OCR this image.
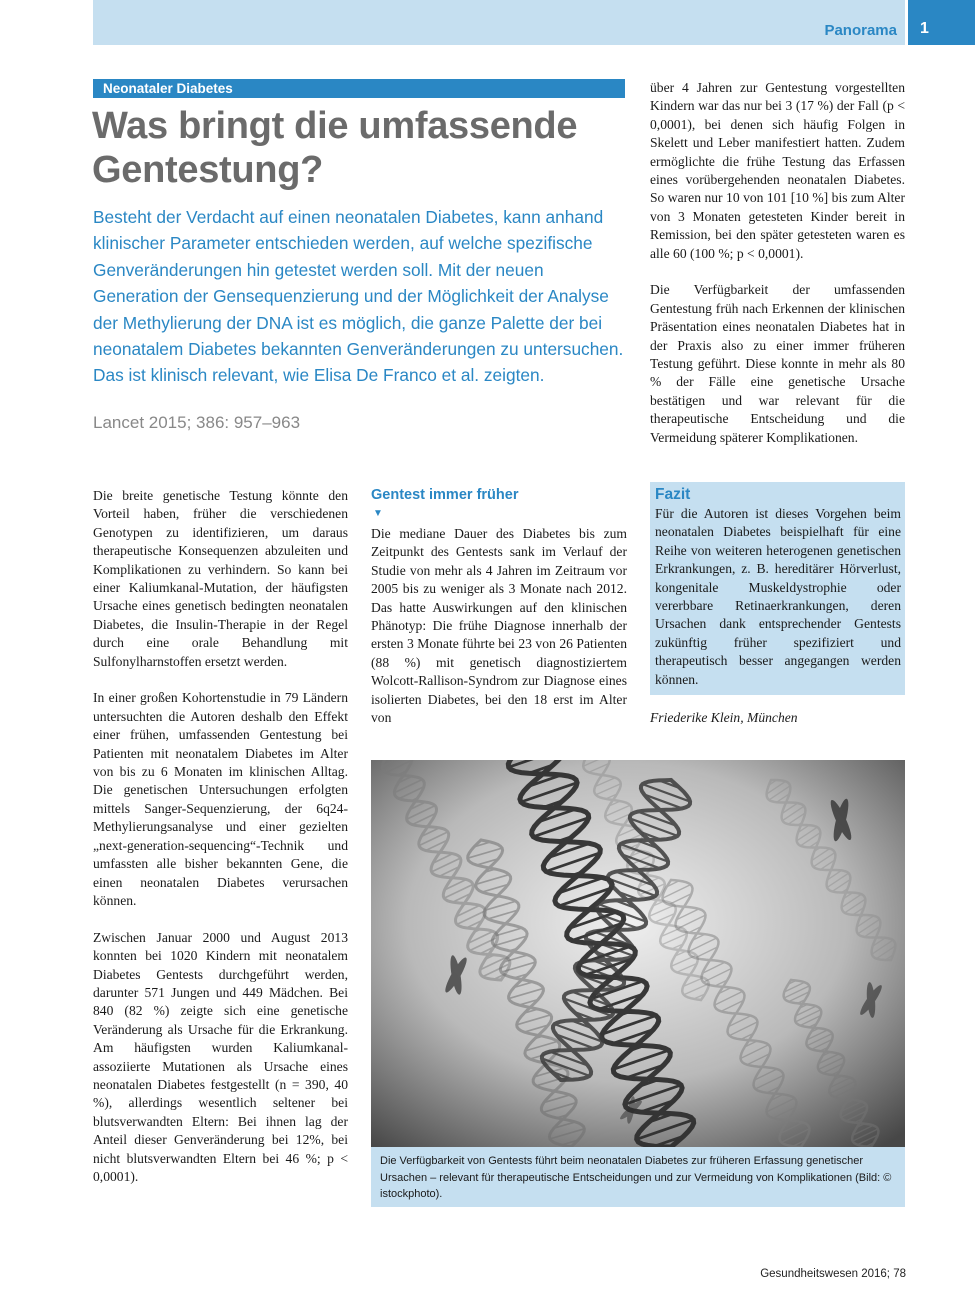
Panorama 1
Neonataler Diabetes
Was bringt die umfassende Gentestung?

Besteht der Verdacht auf einen neonatalen Diabetes, kann anhand klinischer Parameter entschieden werden, auf welche spezifische Genveränderungen hin getestet werden soll. Mit der neuen Generation der Gensequenzierung und der Möglichkeit der Analyse der Methylierung der DNA ist es möglich, die ganze Palette der bei neonatalem Diabetes bekannten Genveränderungen zu untersuchen. Das ist klinisch relevant, wie Elisa De Franco et al. zeigten.

Lancet 2015; 386: 957–963

Die breite genetische Testung könnte den Vorteil haben, früher die verschiedenen Genotypen zu identifizieren, um daraus therapeutische Konsequenzen abzuleiten und Komplikationen zu verhindern. So kann bei einer Kaliumkanal-Mutation, der häufigsten Ursache eines genetisch bedingten neonatalen Diabetes, die Insulin-Therapie in der Regel durch eine orale Behandlung mit Sulfonylharnstoffen ersetzt werden.

In einer großen Kohortenstudie in 79 Ländern untersuchten die Autoren deshalb den Effekt einer frühen, umfassenden Gentestung bei Patienten mit neonatalem Diabetes im Alter von bis zu 6 Monaten im klinischen Alltag. Die genetischen Untersuchungen erfolgten mittels Sanger-Sequenzierung, der 6q24-Methylierungsanalyse und einer gezielten „next-generation-sequencing“-Technik und umfassten alle bisher bekannten Gene, die einen neonatalen Diabetes verursachen können.

Zwischen Januar 2000 und August 2013 konnten bei 1020 Kindern mit neonatalem Diabetes Gentests durchgeführt werden, darunter 571 Jungen und 449 Mädchen. Bei 840 (82 %) zeigte sich eine genetische Veränderung als Ursache für die Erkrankung. Am häufigsten wurden Kaliumkanal-assoziierte Mutationen als Ursache eines neonatalen Diabetes festgestellt (n = 390, 40 %), allerdings wesentlich seltener bei blutsverwandten Eltern: Bei ihnen lag der Anteil dieser Genveränderung bei 12%, bei nicht blutsverwandten Eltern bei 46 %; p < 0,0001).

Gentest immer früher
▼

Die mediane Dauer des Diabetes bis zum Zeitpunkt des Gentests sank im Verlauf der Studie von mehr als 4 Jahren im Zeitraum vor 2005 bis zu weniger als 3 Monate nach 2012. Das hatte Auswirkungen auf den klinischen Phänotyp: Die frühe Diagnose innerhalb der ersten 3 Monate führte bei 23 von 26 Patienten (88 %) mit genetisch diagnostiziertem Wolcott-Rallison-Syndrom zur Diagnose eines isolierten Diabetes, bei den 18 erst im Alter von

über 4 Jahren zur Gentestung vorgestellten Kindern war das nur bei 3 (17 %) der Fall (p < 0,0001), bei denen sich häufig Folgen in Skelett und Leber manifestiert hatten. Zudem ermöglichte die frühe Testung das Erfassen eines vorübergehenden neonatalen Diabetes. So waren nur 10 von 101 [10 %] bis zum Alter von 3 Monaten getesteten Kinder bereit in Remission, bei den später getesteten waren es alle 60 (100 %; p < 0,0001).

Die Verfügbarkeit der umfassenden Gentestung früh nach Erkennen der klinischen Präsentation eines neonatalen Diabetes hat in der Praxis also zu einer immer früheren Testung geführt. Diese konnte in mehr als 80 % der Fälle eine genetische Ursache bestätigen und war relevant für die therapeutische Entscheidung und die Vermeidung späterer Komplikationen.

Fazit

Für die Autoren ist dieses Vorgehen beim neonatalen Diabetes beispielhaft für eine Reihe von weiteren heterogenen genetischen Erkrankungen, z. B. hereditärer Hörverlust, kongenitale Muskeldystrophie oder vererbbare Retinaerkrankungen, deren Ursachen dank entsprechender Gentests zukünftig früher spezifiziert und therapeutisch besser angegangen werden können.

Friederike Klein, München

Die Verfügbarkeit von Gentests führt beim neonatalen Diabetes zur früheren Erfassung genetischer Ursachen – relevant für therapeutische Entscheidungen und zur Vermeidung von Komplikationen (Bild: © istockphoto).

Gesundheitswesen 2016; 78
